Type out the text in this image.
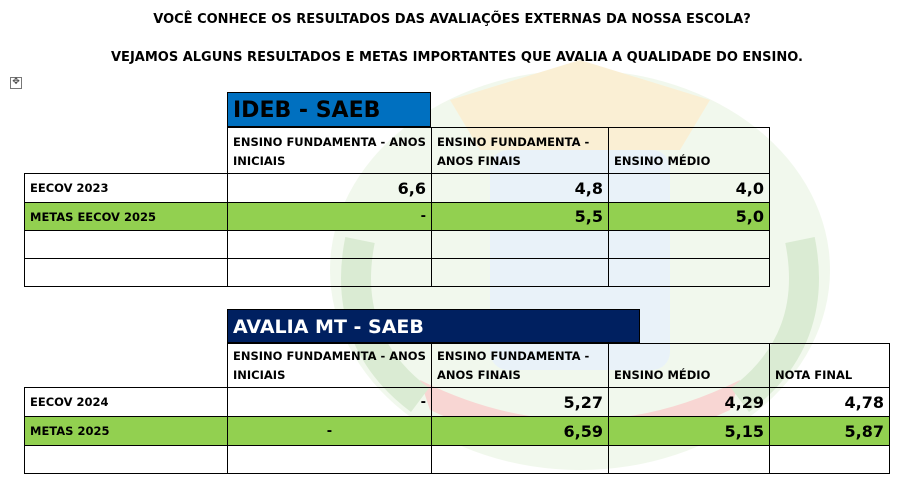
VOCÊ CONHECE OS RESULTADOS DAS AVALIAÇÕES EXTERNAS DA NOSSA ESCOLA?
VEJAMOS ALGUNS RESULTADOS E METAS IMPORTANTES QUE AVALIA A QUALIDADE DO ENSINO.
✥
IDEB - SAEB
	ENSINO FUNDAMENTA - ANOS INICIAIS	ENSINO FUNDAMENTA - ANOS FINAIS	ENSINO MÉDIO
EECOV 2023	6,6	4,8	4,0
METAS EECOV 2025	-	5,5	5,0

AVALIA MT - SAEB
	ENSINO FUNDAMENTA - ANOS INICIAIS	ENSINO FUNDAMENTA - ANOS FINAIS	ENSINO MÉDIO	NOTA FINAL
EECOV 2024	-	5,27	4,29	4,78
METAS 2025	-	6,59	5,15	5,87
